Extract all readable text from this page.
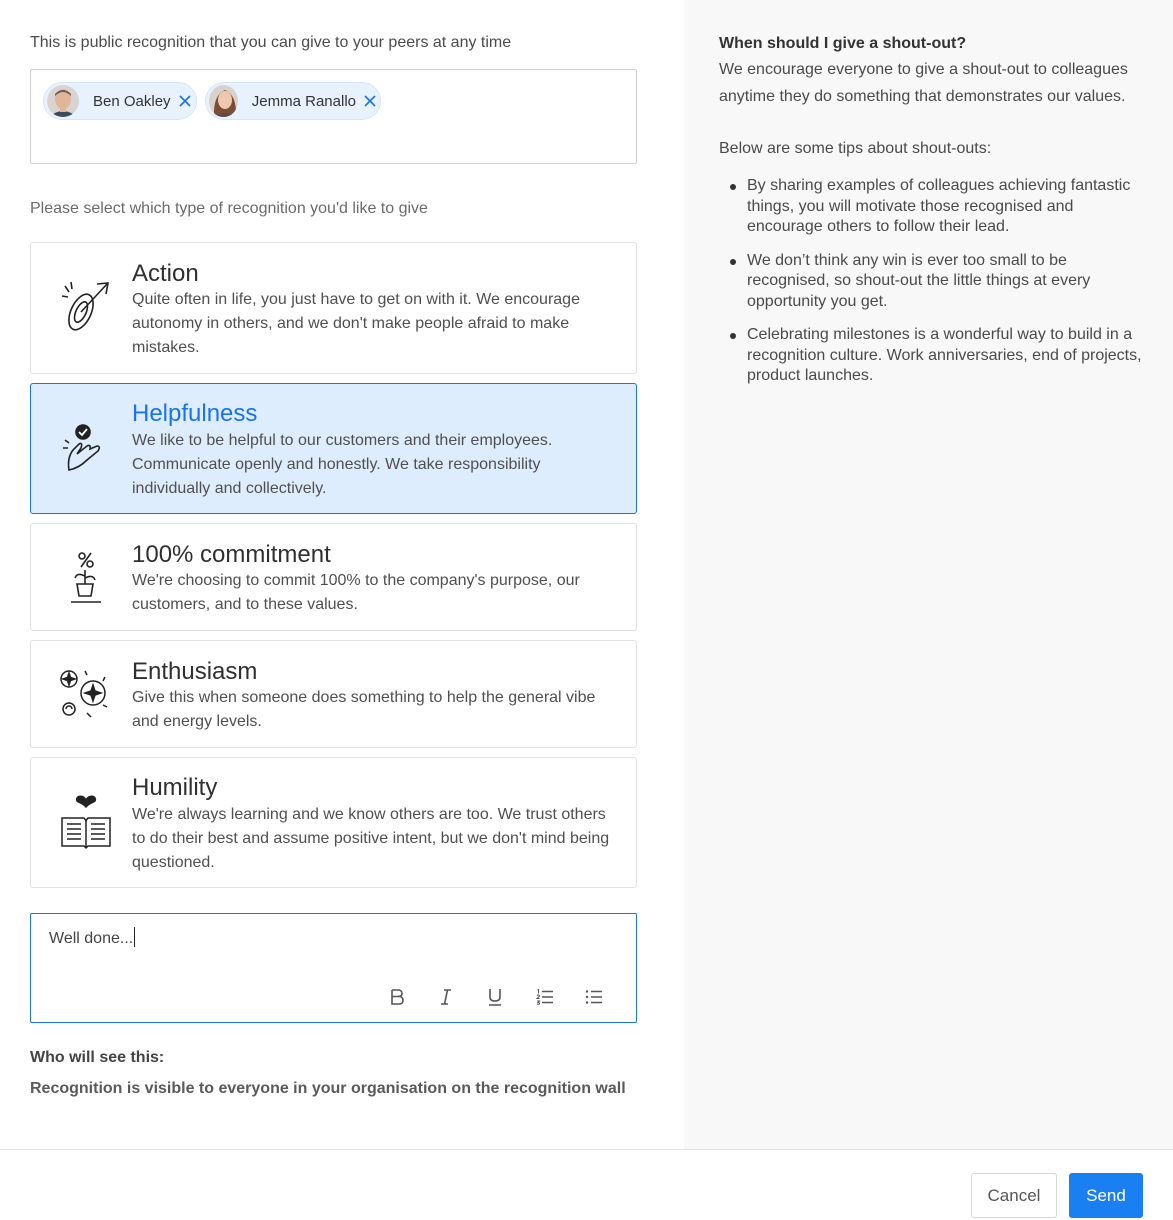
This is public recognition that you can give to your peers at any time
Ben Oakley	Jemma Ranallo
Please select which type of recognition you'd like to give
Action
Quite often in life, you just have to get on with it. We encourage autonomy in others, and we don't make people afraid to make mistakes.
Helpfulness
We like to be helpful to our customers and their employees. Communicate openly and honestly. We take responsibility individually and collectively.
100% commitment
We're choosing to commit 100% to the company's purpose, our customers, and to these values.
Enthusiasm
Give this when someone does something to help the general vibe and energy levels.
Humility
We're always learning and we know others are too. We trust others to do their best and assume positive intent, but we don't mind being questioned.
Well done...
Who will see this:
Recognition is visible to everyone in your organisation on the recognition wall
When should I give a shout-out?
We encourage everyone to give a shout-out to colleagues anytime they do something that demonstrates our values.
Below are some tips about shout-outs:
By sharing examples of colleagues achieving fantastic things, you will motivate those recognised and encourage others to follow their lead.
We don’t think any win is ever too small to be recognised, so shout-out the little things at every opportunity you get.
Celebrating milestones is a wonderful way to build in a recognition culture. Work anniversaries, end of projects, product launches.
Cancel	Send
